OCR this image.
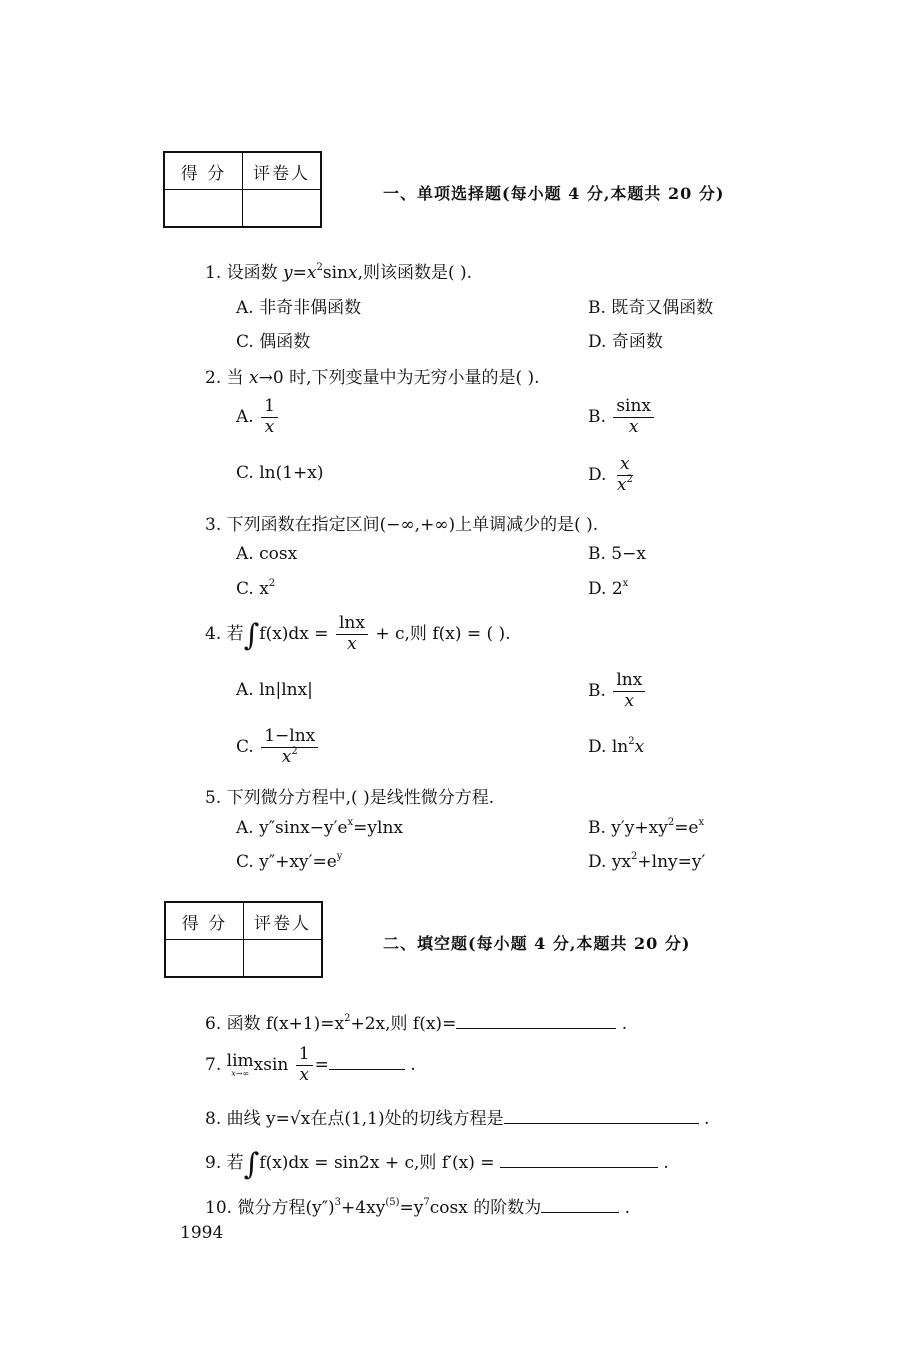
得 分	评卷人

一、单项选择题(每小题 4 分,本题共 20 分)
1. 设函数 $y=x^2\sin x$,则该函数是( ).
A. 非奇非偶函数	B. 既奇又偶函数
C. 偶函数	D. 奇函数
2. 当 x→0 时,下列变量中为无穷小量的是( ).
A. $\frac{1}{x}$	B. $\frac{\sin x}{x}$
C. ln(1+x)	D. $\frac{x}{x^2}$
3. 下列函数在指定区间(−∞,+∞)上单调减少的是( ).
A. cosx	B. 5−x
C. $x^2$	D. 2$^x$
4. 若$\int f(x)dx = \frac{\ln x}{x} + c$,则 f(x) = ( ).
A. ln|lnx|	B. $\frac{\ln x}{x}$
C. $\frac{1-\ln x}{x^2}$	D. $\ln^2x$
5. 下列微分方程中,( )是线性微分方程.
A. $y''\sin x-y'e^x=ylnx$	B. $y'y+xy^2=e^x$
C. $y''+xy'=e^y$	D. $yx^2+\ln y=y'$
得 分	评卷人

二、填空题(每小题 4 分,本题共 20 分)
6. 函数 $f(x+1)=x^2+2x$,则 f(x)=	.
7. lim
x→∞ xsin $\frac{1}{x}$ =	.
8. 曲线 y=√x在点(1,1)处的切线方程是	.
9. 若∫f(x)dx = sin2x + c,则 f′(x) =	.
10. 微分方程$(y'')^3+4xy^{(5)}=y^7\cos x$ 的阶数为	.
1994
